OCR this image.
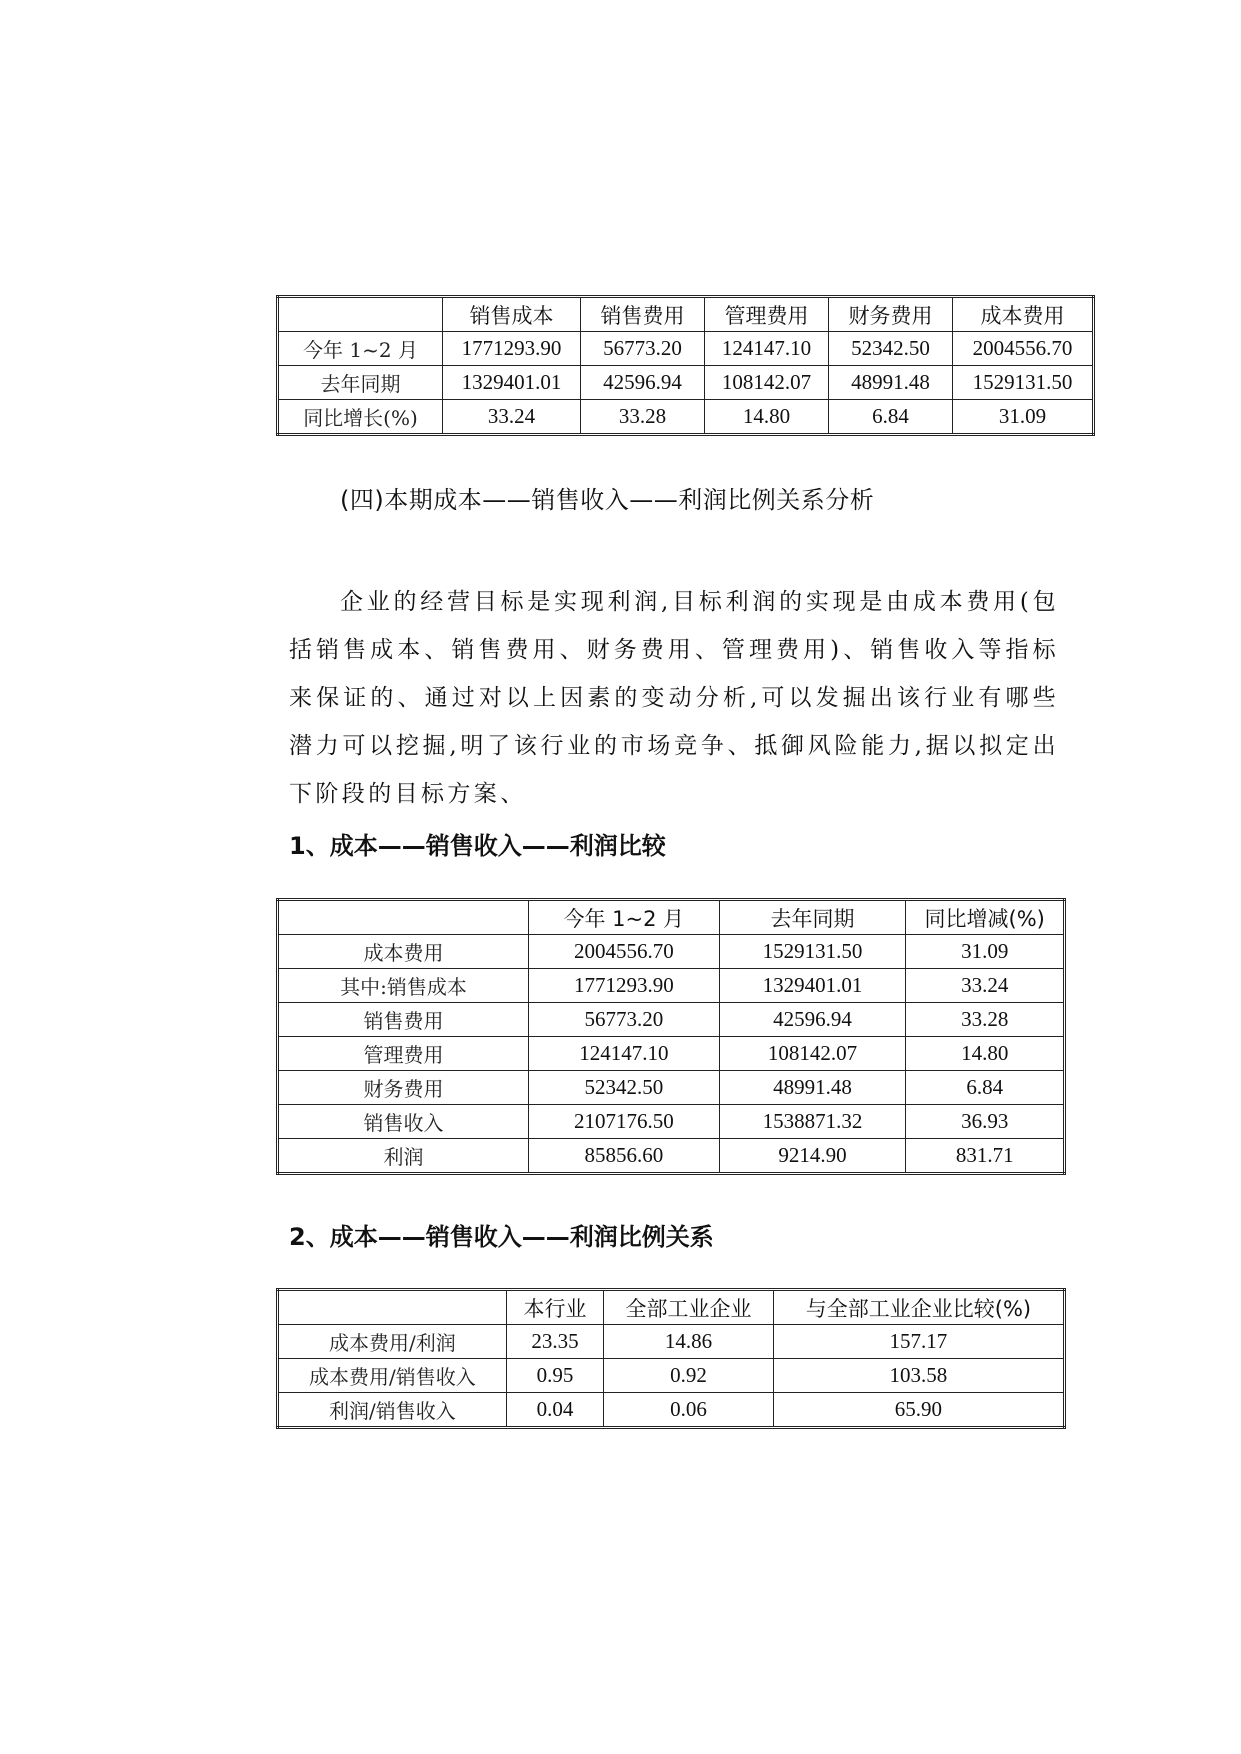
	销售成本	销售费用	管理费用	财务费用	成本费用
今年 1~2 月	1771293.90	56773.20	124147.10	52342.50	2004556.70
去年同期	1329401.01	42596.94	108142.07	48991.48	1529131.50
同比增长(%)	33.24	33.28	14.80	6.84	31.09
(四)本期成本——销售收入——利润比例关系分析

企业的经营目标是实现利润,目标利润的实现是由成本费用(包括销售成本、销售费用、财务费用、管理费用)、销售收入等指标来保证的、通过对以上因素的变动分析,可以发掘出该行业有哪些潜力可以挖掘,明了该行业的市场竞争、抵御风险能力,据以拟定出下阶段的目标方案、

1、成本——销售收入——利润比较
	今年 1~2 月	去年同期	同比增减(%)
成本费用	2004556.70	1529131.50	31.09
其中:销售成本	1771293.90	1329401.01	33.24
销售费用	56773.20	42596.94	33.28
管理费用	124147.10	108142.07	14.80
财务费用	52342.50	48991.48	6.84
销售收入	2107176.50	1538871.32	36.93
利润	85856.60	9214.90	831.71
2、成本——销售收入——利润比例关系
	本行业	全部工业企业	与全部工业企业比较(%)
成本费用/利润	23.35	14.86	157.17
成本费用/销售收入	0.95	0.92	103.58
利润/销售收入	0.04	0.06	65.90
